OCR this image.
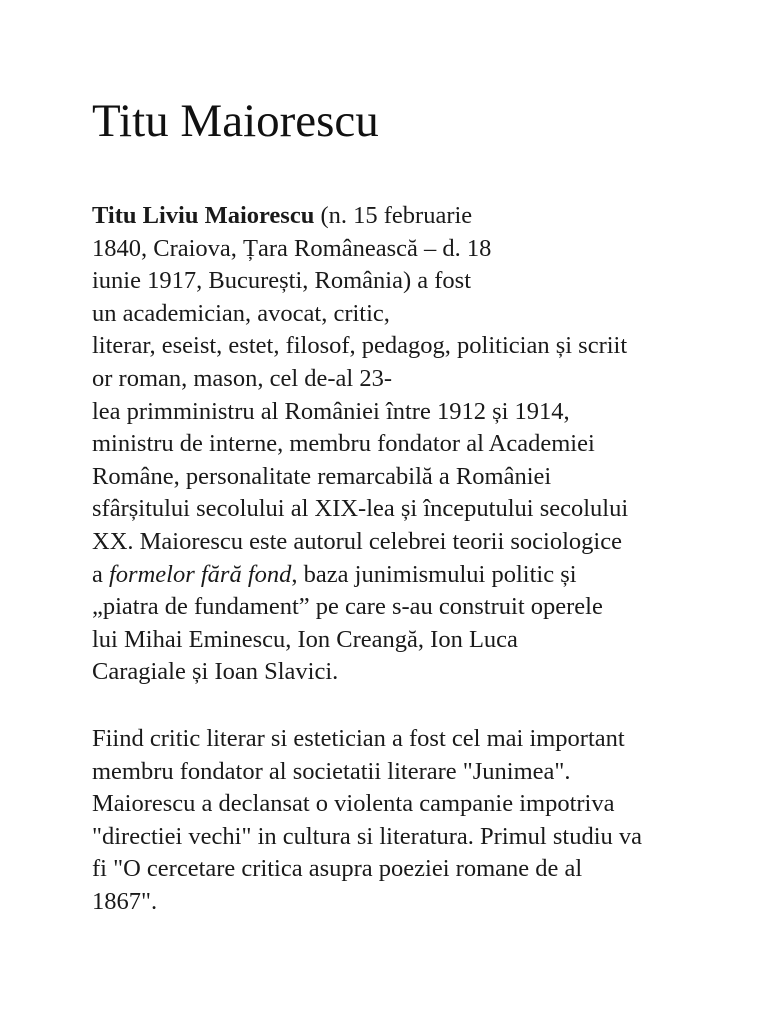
Titu Maiorescu
Titu Liviu Maiorescu (n. 15 februarie
1840, Craiova, Țara Românească – d. 18
iunie 1917, București, România) a fost
un academician, avocat, critic,
literar, eseist, estet, filosof, pedagog, politician și scriit
or roman, mason, cel de-al 23-
lea primministru al României între 1912 și 1914,
ministru de interne, membru fondator al Academiei
Române, personalitate remarcabilă a României
sfârșitului secolului al XIX-lea și începutului secolului
XX. Maiorescu este autorul celebrei teorii sociologice
a formelor fără fond, baza junimismului politic și
„piatra de fundament” pe care s-au construit operele
lui Mihai Eminescu, Ion Creangă, Ion Luca
Caragiale și Ioan Slavici.
Fiind critic literar si estetician a fost cel mai important
membru fondator al societatii literare "Junimea".
Maiorescu a declansat o violenta campanie impotriva
"directiei vechi" in cultura si literatura. Primul studiu va
fi "O cercetare critica asupra poeziei romane de al
1867".
